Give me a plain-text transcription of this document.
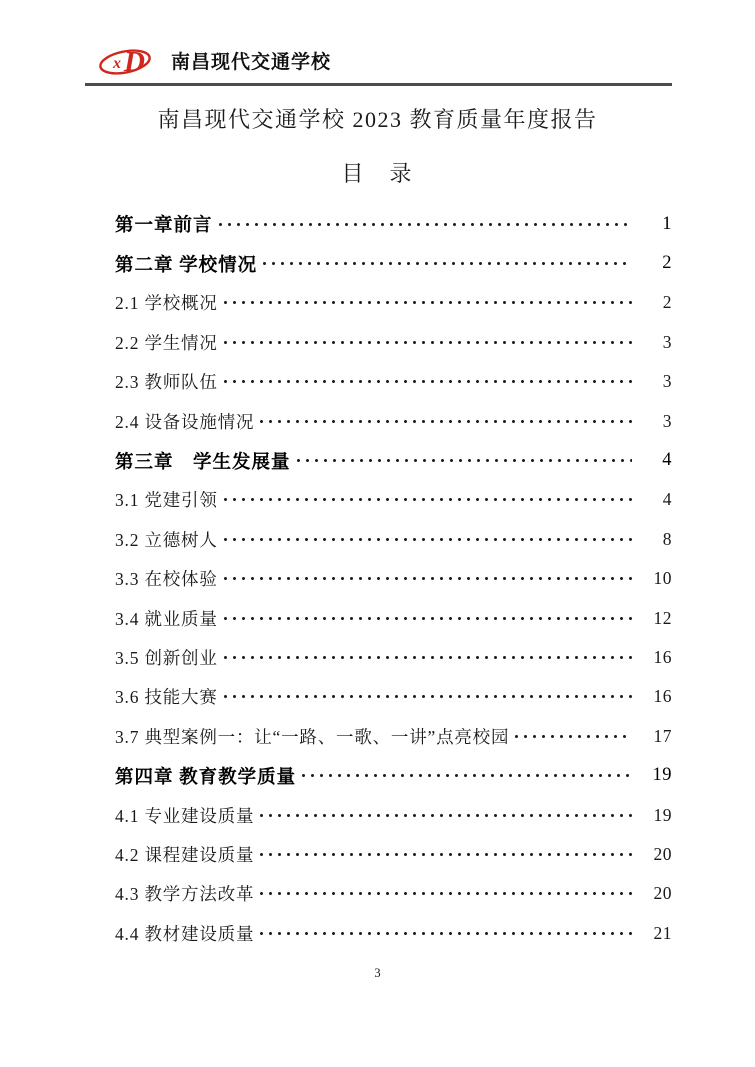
x D 南昌现代交通学校
南昌现代交通学校 2023 教育质量年度报告
目　录
第一章前言	1
第二章 学校情况	2
2.1 学校概况	2
2.2 学生情况	3
2.3 教师队伍	3
2.4 设备设施情况	3
第三章　学生发展量	4
3.1 党建引领	4
3.2 立德树人	8
3.3 在校体验	10
3.4 就业质量	12
3.5 创新创业	16
3.6 技能大赛	16
3.7 典型案例一：让“一路、一歌、一讲”点亮校园	17
第四章 教育教学质量	19
4.1 专业建设质量	19
4.2 课程建设质量	20
4.3 教学方法改革	20
4.4 教材建设质量	21
3
